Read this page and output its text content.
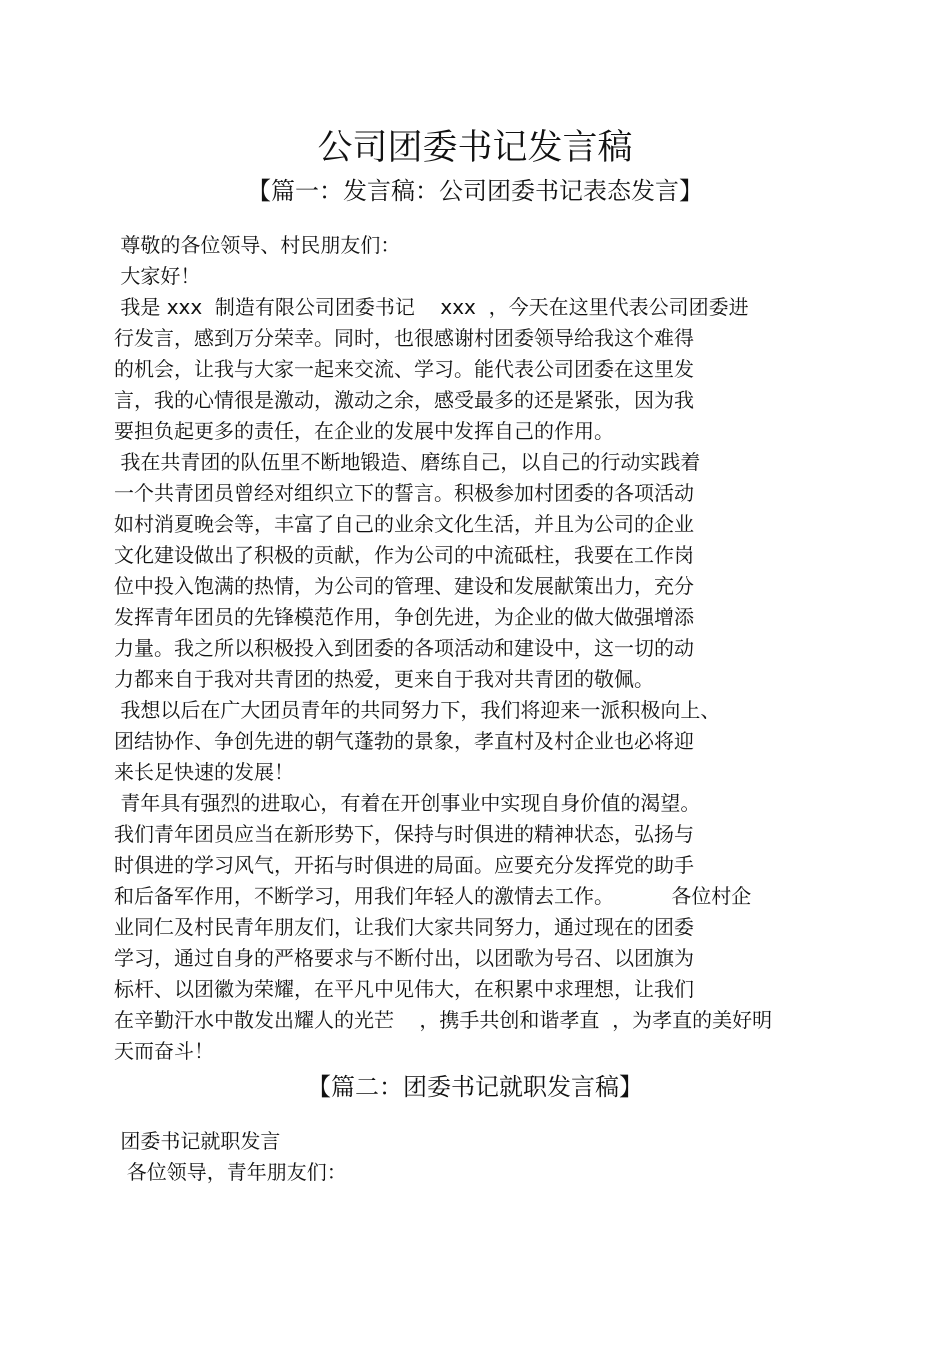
公司团委书记发言稿
【篇一：发言稿：公司团委书记表态发言】
尊敬的各位领导、村民朋友们：
大家好！
我是 xxx  制造有限公司团委书记    xxx  ，今天在这里代表公司团委进
行发言，感到万分荣幸。同时，也很感谢村团委领导给我这个难得
的机会，让我与大家一起来交流、学习。能代表公司团委在这里发
言，我的心情很是激动，激动之余，感受最多的还是紧张，因为我
要担负起更多的责任，在企业的发展中发挥自己的作用。
我在共青团的队伍里不断地锻造、磨练自己，以自己的行动实践着
一个共青团员曾经对组织立下的誓言。积极参加村团委的各项活动
如村消夏晚会等，丰富了自己的业余文化生活，并且为公司的企业
文化建设做出了积极的贡献，作为公司的中流砥柱，我要在工作岗
位中投入饱满的热情，为公司的管理、建设和发展献策出力，充分
发挥青年团员的先锋模范作用，争创先进，为企业的做大做强增添
力量。我之所以积极投入到团委的各项活动和建设中，这一切的动
力都来自于我对共青团的热爱，更来自于我对共青团的敬佩。
我想以后在广大团员青年的共同努力下，我们将迎来一派积极向上、
团结协作、争创先进的朝气蓬勃的景象，孝直村及村企业也必将迎
来长足快速的发展！
青年具有强烈的进取心，有着在开创事业中实现自身价值的渴望。
我们青年团员应当在新形势下，保持与时俱进的精神状态，弘扬与
时俱进的学习风气，开拓与时俱进的局面。应要充分发挥党的助手
和后备军作用，不断学习，用我们年轻人的激情去工作。         各位村企
业同仁及村民青年朋友们，让我们大家共同努力，通过现在的团委
学习，通过自身的严格要求与不断付出，以团歌为号召、以团旗为
标杆、以团徽为荣耀，在平凡中见伟大，在积累中求理想，让我们
在辛勤汗水中散发出耀人的光芒    ，携手共创和谐孝直  ，为孝直的美好明
天而奋斗！
【篇二：团委书记就职发言稿】
团委书记就职发言
各位领导，青年朋友们：
